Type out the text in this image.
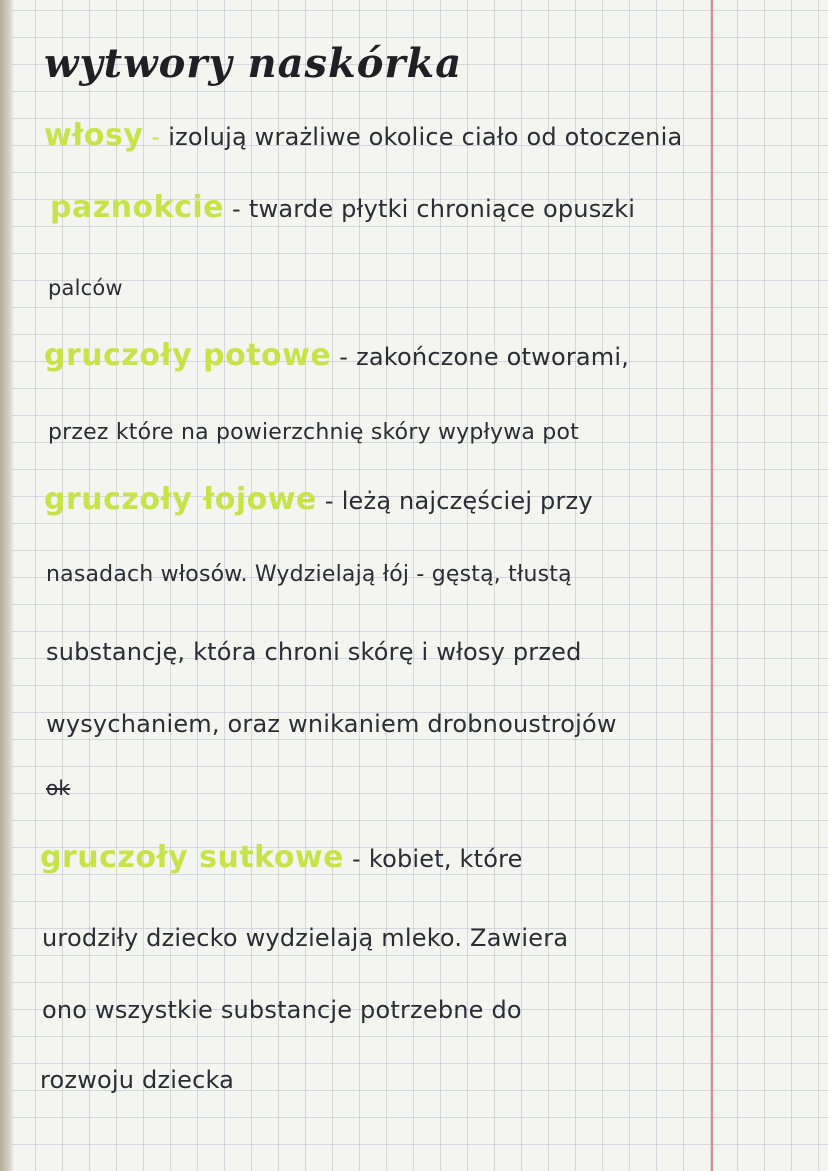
wytwory naskórka
włosy - izolują wrażliwe okolice ciało od otoczenia
paznokcie - twarde płytki chroniące opuszki
palców
gruczoły potowe - zakończone otworami,
przez które na powierzchnię skóry wypływa pot
gruczoły łojowe - leżą najczęściej przy
nasadach włosów. Wydzielają łój - gęstą, tłustą
substancję, która chroni skórę i włosy przed
wysychaniem, oraz wnikaniem drobnoustrojów
ok
gruczoły sutkowe - kobiet, które
urodziły dziecko wydzielają mleko. Zawiera
ono wszystkie substancje potrzebne do
rozwoju dziecka
